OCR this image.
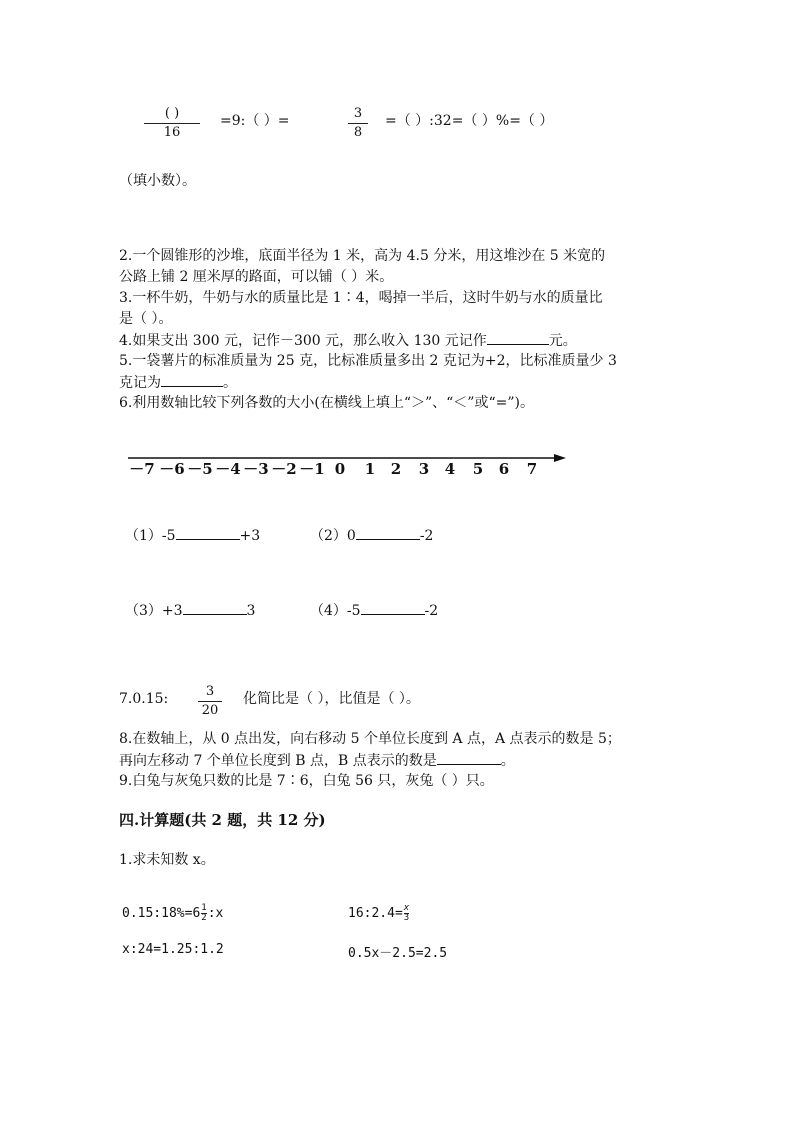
( )
16
=9:（ ）=	3
8
=（ ）:32=（ ）%=（ ）
（填小数）。
2.一个圆锥形的沙堆，底面半径为 1 米，高为 4.5 分米，用这堆沙在 5 米宽的
公路上铺 2 厘米厚的路面，可以铺（ ）米。
3.一杯牛奶，牛奶与水的质量比是 1∶4，喝掉一半后，这时牛奶与水的质量比
是（ ）。
4.如果支出 300 元，记作－300 元，那么收入 130 元记作	元。
5.一袋薯片的标准质量为 25 克，比标准质量多出 2 克记为+2，比标准质量少 3
克记为	。
6.利用数轴比较下列各数的大小(在横线上填上“＞”、“＜”或“=”)。
－7 －6 －5 －4 －3 －2 －1 0 1 2 3 4 5 6 7
（1）-5	+3	（2）0	-2
（3）+3	3	（4）-5	-2
7.0.15:	3
20
化简比是（ ），比值是（ ）。
8.在数轴上，从 0 点出发，向右移动 5 个单位长度到 A 点，A 点表示的数是 5；
再向左移动 7 个单位长度到 B 点，B 点表示的数是	。
9.白兔与灰兔只数的比是 7∶6，白兔 56 只，灰兔（ ）只。
四.计算题(共 2 题，共 12 分)
1.求未知数 x。
$0.15:18\%=6\frac{1}{2}:x$	$16:2.4=\frac{x}{3}$
x:24=1.25:1.2	0.5x－2.5=2.5
